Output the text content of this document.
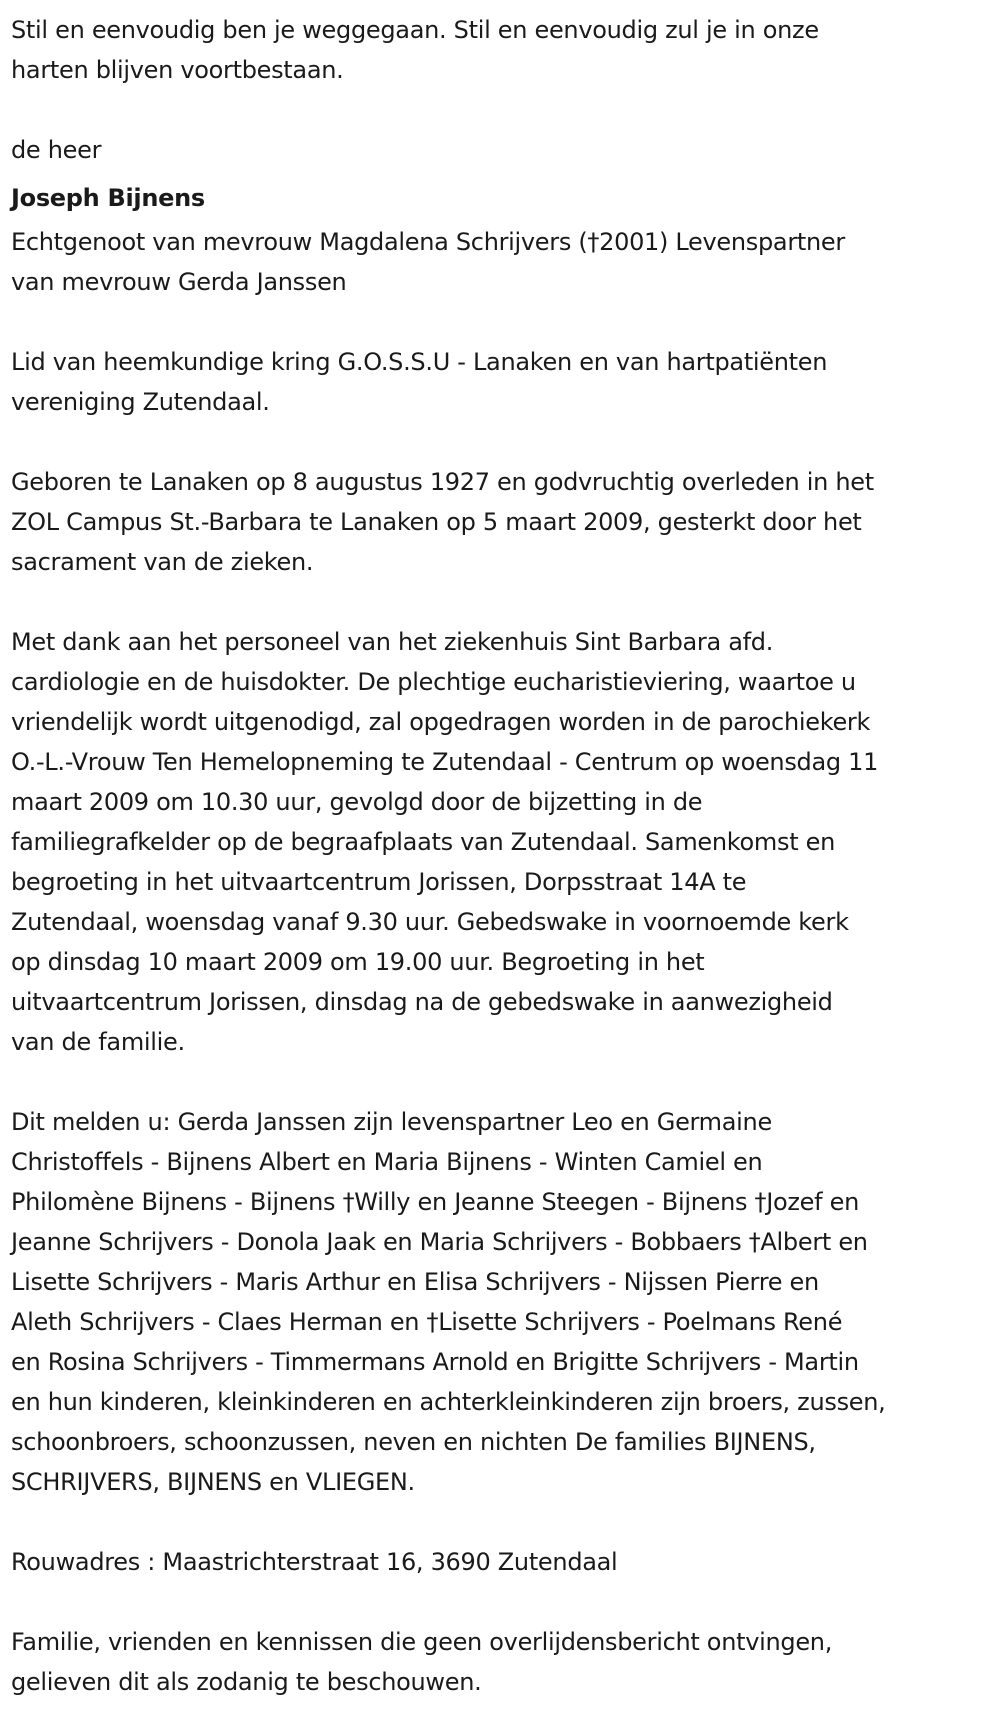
Stil en eenvoudig ben je weggegaan. Stil en eenvoudig zul je in onze
harten blijven voortbestaan.
de heer
Joseph Bijnens
Echtgenoot van mevrouw Magdalena Schrijvers (†2001) Levenspartner
van mevrouw Gerda Janssen
Lid van heemkundige kring G.O.S.S.U - Lanaken en van hartpatiënten
vereniging Zutendaal.
Geboren te Lanaken op 8 augustus 1927 en godvruchtig overleden in het
ZOL Campus St.-Barbara te Lanaken op 5 maart 2009, gesterkt door het
sacrament van de zieken.
Met dank aan het personeel van het ziekenhuis Sint Barbara afd.
cardiologie en de huisdokter. De plechtige eucharistieviering, waartoe u
vriendelijk wordt uitgenodigd, zal opgedragen worden in de parochiekerk
O.-L.-Vrouw Ten Hemelopneming te Zutendaal - Centrum op woensdag 11
maart 2009 om 10.30 uur, gevolgd door de bijzetting in de
familiegrafkelder op de begraafplaats van Zutendaal. Samenkomst en
begroeting in het uitvaartcentrum Jorissen, Dorpsstraat 14A te
Zutendaal, woensdag vanaf 9.30 uur. Gebedswake in voornoemde kerk
op dinsdag 10 maart 2009 om 19.00 uur. Begroeting in het
uitvaartcentrum Jorissen, dinsdag na de gebedswake in aanwezigheid
van de familie.
Dit melden u: Gerda Janssen zijn levenspartner Leo en Germaine
Christoffels - Bijnens Albert en Maria Bijnens - Winten Camiel en
Philomène Bijnens - Bijnens †Willy en Jeanne Steegen - Bijnens †Jozef en
Jeanne Schrijvers - Donola Jaak en Maria Schrijvers - Bobbaers †Albert en
Lisette Schrijvers - Maris Arthur en Elisa Schrijvers - Nijssen Pierre en
Aleth Schrijvers - Claes Herman en †Lisette Schrijvers - Poelmans René
en Rosina Schrijvers - Timmermans Arnold en Brigitte Schrijvers - Martin
en hun kinderen, kleinkinderen en achterkleinkinderen zijn broers, zussen,
schoonbroers, schoonzussen, neven en nichten De families BIJNENS,
SCHRIJVERS, BIJNENS en VLIEGEN.
Rouwadres : Maastrichterstraat 16, 3690 Zutendaal
Familie, vrienden en kennissen die geen overlijdensbericht ontvingen,
gelieven dit als zodanig te beschouwen.
